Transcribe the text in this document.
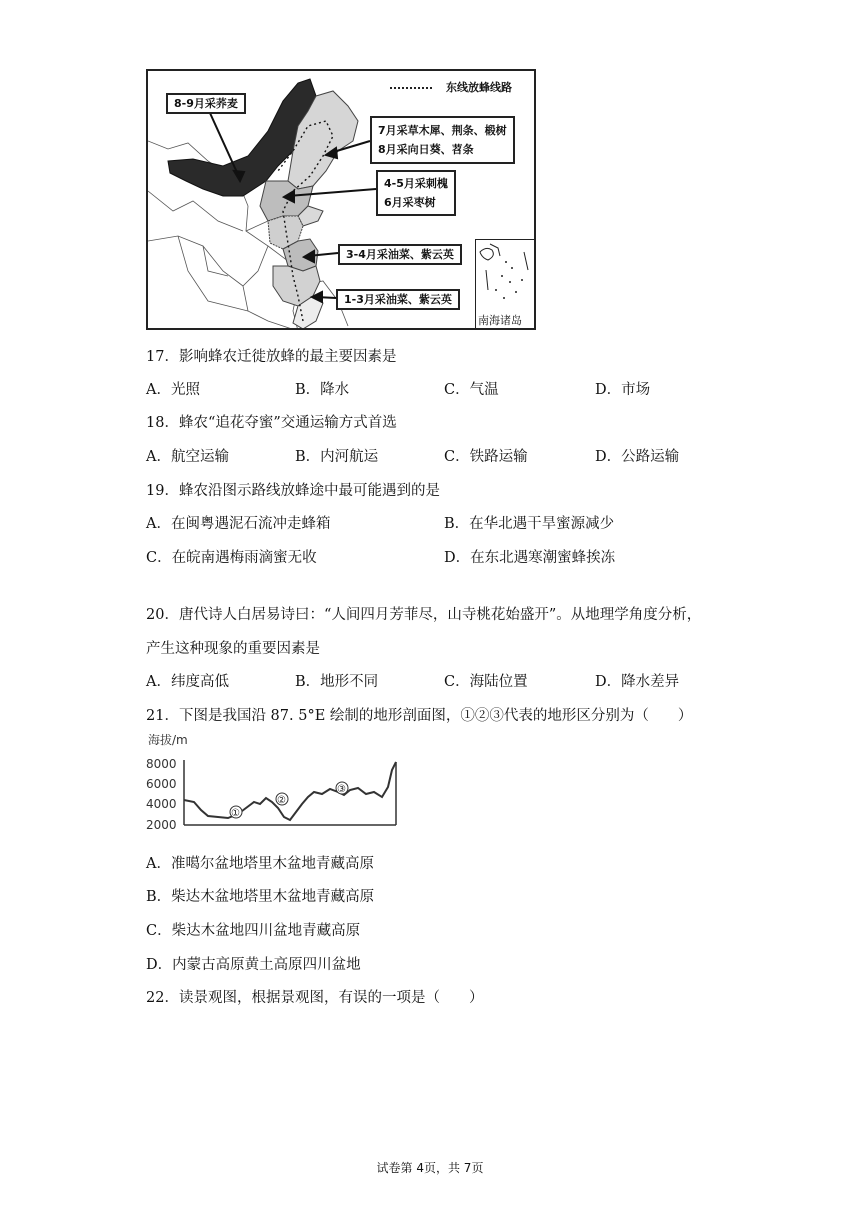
东线放蜂线路
8-9月采荞麦
7月采草木犀、荆条、椴树
8月采向日葵、苕条
4-5月采刺槐
6月采枣树
3-4月采油菜、紫云英
1-3月采油菜、紫云英
南海诸岛
17．影响蜂农迁徙放蜂的最主要因素是
A．光照	B．降水	C．气温	D．市场
18．蜂农“追花夺蜜”交通运输方式首选
A．航空运输	B．内河航运	C．铁路运输	D．公路运输
19．蜂农沿图示路线放蜂途中最可能遇到的是
A．在闽粤遇泥石流冲走蜂箱	B．在华北遇干旱蜜源减少
C．在皖南遇梅雨滴蜜无收	D．在东北遇寒潮蜜蜂挨冻
20．唐代诗人白居易诗曰：“人间四月芳菲尽，山寺桃花始盛开”。从地理学角度分析，
产生这种现象的重要因素是
A．纬度高低	B．地形不同	C．海陆位置	D．降水差异
21．下图是我国沿 87. 5°E 绘制的地形剖面图，①②③代表的地形区分别为（　　）
海拔/m
8000
6000
4000
2000
①
②
③
A．准噶尔盆地塔里木盆地青藏高原
B．柴达木盆地塔里木盆地青藏高原
C．柴达木盆地四川盆地青藏高原
D．内蒙古高原黄土高原四川盆地
22．读景观图，根据景观图，有误的一项是（　　）
试卷第 4页，共 7页
